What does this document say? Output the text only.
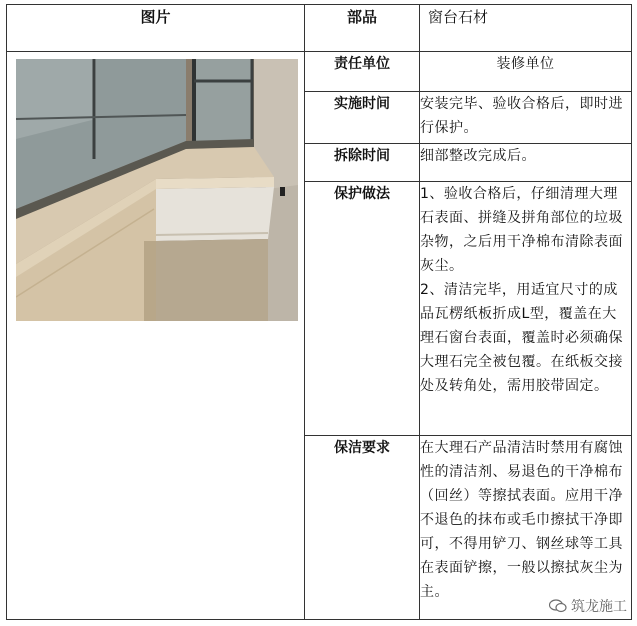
图片	部品	窗台石材

	责任单位	装修单位
	实施时间	安装完毕、验收合格后，即时进行保护。
	拆除时间	细部整改完成后。
	保护做法	1、验收合格后，仔细清理大理石表面、拼缝及拼角部位的垃圾杂物，之后用干净棉布清除表面灰尘。
2、清洁完毕，用适宜尺寸的成品瓦楞纸板折成L型，覆盖在大理石窗台表面，覆盖时必须确保大理石完全被包覆。在纸板交接处及转角处，需用胶带固定。
	保洁要求	在大理石产品清洁时禁用有腐蚀性的清洁剂、易退色的干净棉布（回丝）等擦拭表面。应用干净不退色的抹布或毛巾擦拭干净即可，不得用铲刀、钢丝球等工具在表面铲擦，一般以擦拭灰尘为主。
筑龙施工
